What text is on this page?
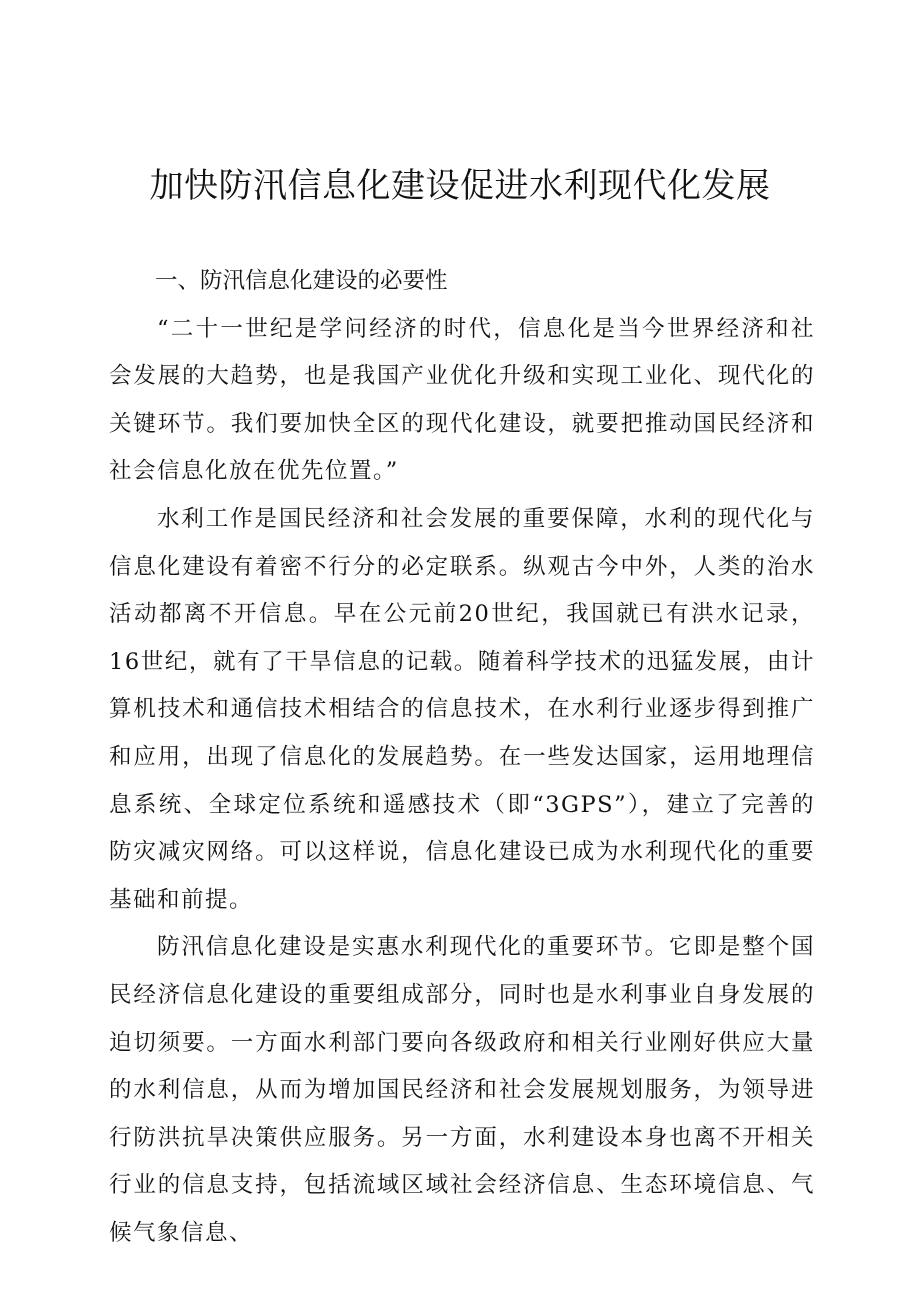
加快防汛信息化建设促进水利现代化发展
一、防汛信息化建设的必要性

“二十一世纪是学问经济的时代，信息化是当今世界经济和社会发展的大趋势，也是我国产业优化升级和实现工业化、现代化的关键环节。我们要加快全区的现代化建设，就要把推动国民经济和社会信息化放在优先位置。”

水利工作是国民经济和社会发展的重要保障，水利的现代化与信息化建设有着密不行分的必定联系。纵观古今中外，人类的治水活动都离不开信息。早在公元前20世纪，我国就已有洪水记录，16世纪，就有了干旱信息的记载。随着科学技术的迅猛发展，由计算机技术和通信技术相结合的信息技术，在水利行业逐步得到推广和应用，出现了信息化的发展趋势。在一些发达国家，运用地理信息系统、全球定位系统和遥感技术（即“3GPS”），建立了完善的防灾减灾网络。可以这样说，信息化建设已成为水利现代化的重要基础和前提。

防汛信息化建设是实惠水利现代化的重要环节。它即是整个国民经济信息化建设的重要组成部分，同时也是水利事业自身发展的迫切须要。一方面水利部门要向各级政府和相关行业刚好供应大量的水利信息，从而为增加国民经济和社会发展规划服务，为领导进行防洪抗旱决策供应服务。另一方面，水利建设本身也离不开相关行业的信息支持，包括流域区域社会经济信息、生态环境信息、气候气象信息、
